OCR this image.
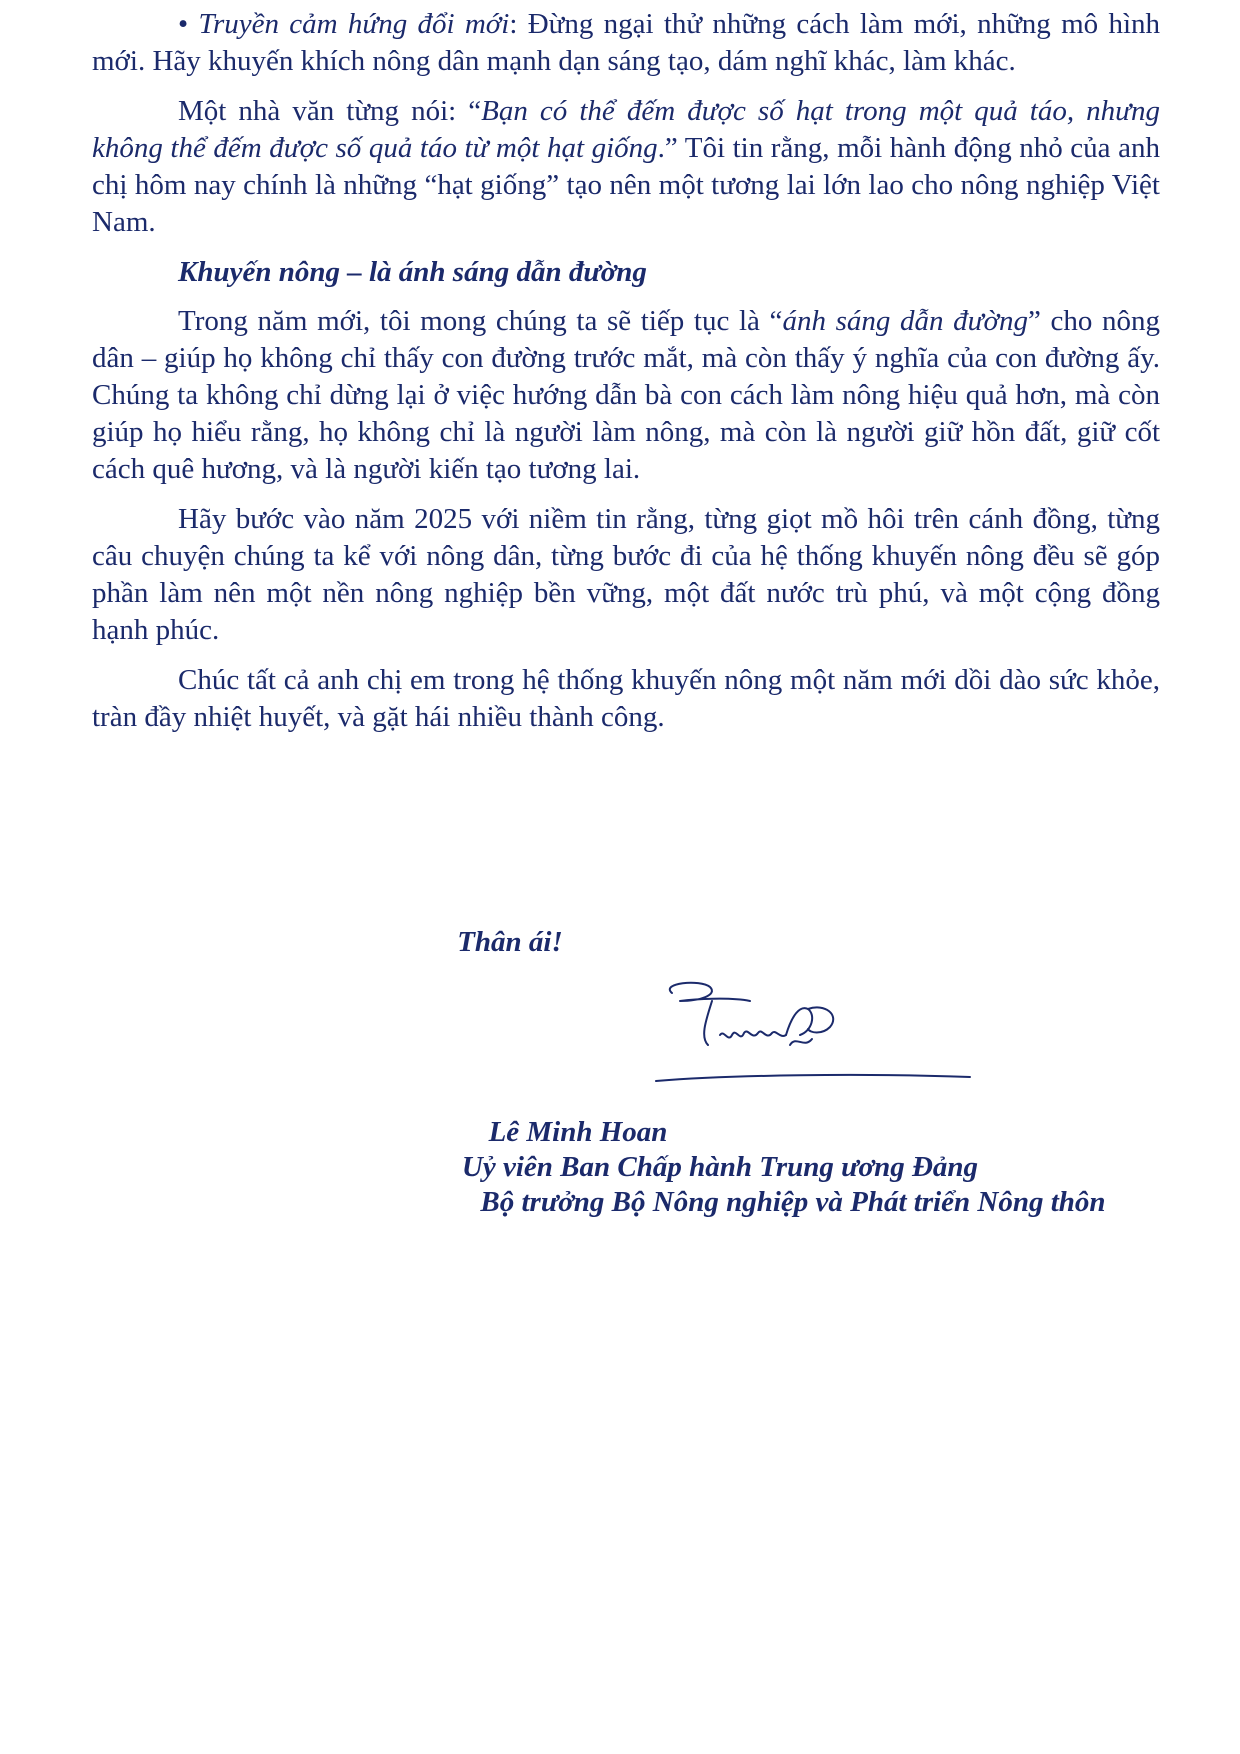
• Truyền cảm hứng đổi mới: Đừng ngại thử những cách làm mới, những mô hình mới. Hãy khuyến khích nông dân mạnh dạn sáng tạo, dám nghĩ khác, làm khác.

Một nhà văn từng nói: “Bạn có thể đếm được số hạt trong một quả táo, nhưng không thể đếm được số quả táo từ một hạt giống.” Tôi tin rằng, mỗi hành động nhỏ của anh chị hôm nay chính là những “hạt giống” tạo nên một tương lai lớn lao cho nông nghiệp Việt Nam.

Khuyến nông – là ánh sáng dẫn đường

Trong năm mới, tôi mong chúng ta sẽ tiếp tục là “ánh sáng dẫn đường” cho nông dân – giúp họ không chỉ thấy con đường trước mắt, mà còn thấy ý nghĩa của con đường ấy. Chúng ta không chỉ dừng lại ở việc hướng dẫn bà con cách làm nông hiệu quả hơn, mà còn giúp họ hiểu rằng, họ không chỉ là người làm nông, mà còn là người giữ hồn đất, giữ cốt cách quê hương, và là người kiến tạo tương lai.

Hãy bước vào năm 2025 với niềm tin rằng, từng giọt mồ hôi trên cánh đồng, từng câu chuyện chúng ta kể với nông dân, từng bước đi của hệ thống khuyến nông đều sẽ góp phần làm nên một nền nông nghiệp bền vững, một đất nước trù phú, và một cộng đồng hạnh phúc.

Chúc tất cả anh chị em trong hệ thống khuyến nông một năm mới dồi dào sức khỏe, tràn đầy nhiệt huyết, và gặt hái nhiều thành công.

Thân ái!
Lê Minh Hoan
Uỷ viên Ban Chấp hành Trung ương Đảng
Bộ trưởng Bộ Nông nghiệp và Phát triển Nông thôn
